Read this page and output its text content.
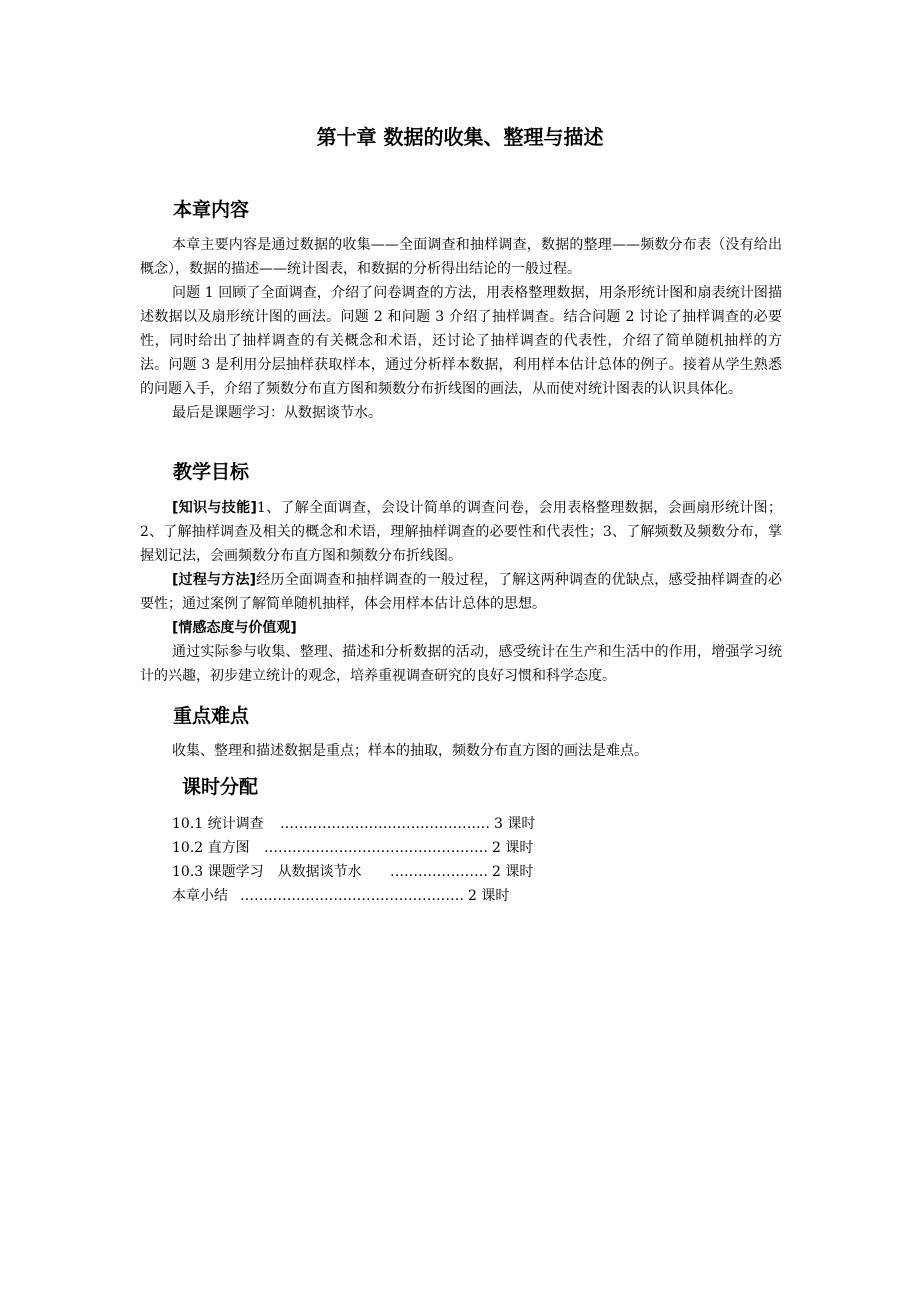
第十章 数据的收集、整理与描述
本章内容

本章主要内容是通过数据的收集——全面调查和抽样调查，数据的整理——频数分布表（没有给出概念），数据的描述——统计图表，和数据的分析得出结论的一般过程。

问题 1 回顾了全面调查，介绍了问卷调查的方法，用表格整理数据，用条形统计图和扇表统计图描述数据以及扇形统计图的画法。问题 2 和问题 3 介绍了抽样调查。结合问题 2 讨论了抽样调查的必要性，同时给出了抽样调查的有关概念和术语，还讨论了抽样调查的代表性，介绍了简单随机抽样的方法。问题 3 是利用分层抽样获取样本，通过分析样本数据，利用样本估计总体的例子。接着从学生熟悉的问题入手，介绍了频数分布直方图和频数分布折线图的画法，从而使对统计图表的认识具体化。

最后是课题学习：从数据谈节水。

教学目标

[知识与技能]1、了解全面调查，会设计简单的调查问卷，会用表格整理数据，会画扇形统计图；2、了解抽样调查及相关的概念和术语，理解抽样调查的必要性和代表性；3、了解频数及频数分布，掌握划记法，会画频数分布直方图和频数分布折线图。

[过程与方法]经历全面调查和抽样调查的一般过程，了解这两种调查的优缺点，感受抽样调查的必要性；通过案例了解简单随机抽样，体会用样本估计总体的思想。

[情感态度与价值观]

通过实际参与收集、整理、描述和分析数据的活动，感受统计在生产和生活中的作用，增强学习统计的兴趣，初步建立统计的观念，培养重视调查研究的良好习惯和科学态度。

重点难点

收集、整理和描述数据是重点；样本的抽取，频数分布直方图的画法是难点。

课时分配
10.1 统计调查	……………………………………… 3 课时
10.2 直方图	………………………………………… 2 课时
10.3 课题学习　从数据谈节水	………………… 2 课时
本章小结 ………………………………………… 2 课时
